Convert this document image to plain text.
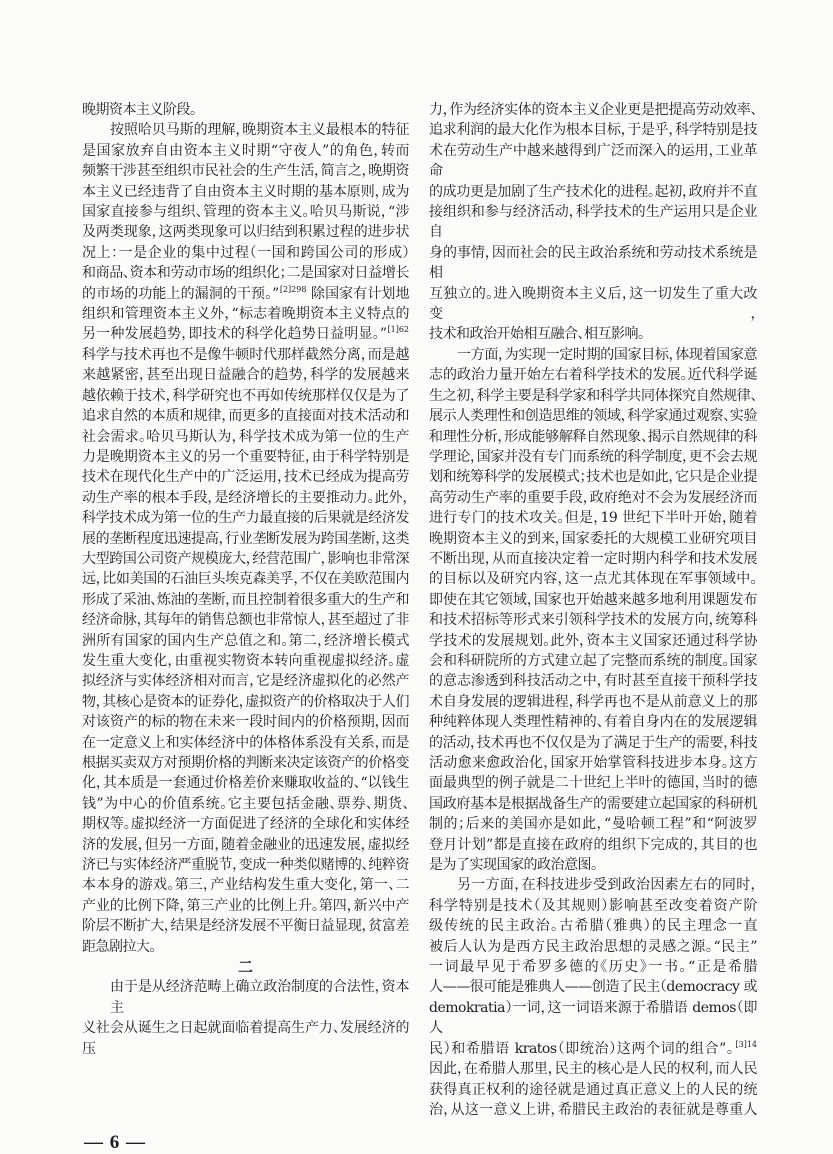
晚期资本主义阶段。
按照哈贝马斯的理解，晚期资本主义最根本的特征
是国家放弃自由资本主义时期“守夜人”的角色，转而
频繁干涉甚至组织市民社会的生产生活，简言之，晚期资
本主义已经违背了自由资本主义时期的基本原则，成为
国家直接参与组织、管理的资本主义。哈贝马斯说，“涉
及两类现象，这两类现象可以归结到积累过程的进步状
况上：一是企业的集中过程（一国和跨国公司的形成）
和商品、资本和劳动市场的组织化；二是国家对日益增长
的市场的功能上的漏洞的干预。”$^{[2]298}$ 除国家有计划地
组织和管理资本主义外，“标志着晚期资本主义特点的
另一种发展趋势，即技术的科学化趋势日益明显。”$^{[1]62}$
科学与技术再也不是像牛顿时代那样截然分离，而是越
来越紧密，甚至出现日益融合的趋势，科学的发展越来
越依赖于技术，科学研究也不再如传统那样仅仅是为了
追求自然的本质和规律，而更多的直接面对技术活动和
社会需求。哈贝马斯认为，科学技术成为第一位的生产
力是晚期资本主义的另一个重要特征，由于科学特别是
技术在现代化生产中的广泛运用，技术已经成为提高劳
动生产率的根本手段，是经济增长的主要推动力。此外，
科学技术成为第一位的生产力最直接的后果就是经济发
展的垄断程度迅速提高，行业垄断发展为跨国垄断，这类
大型跨国公司资产规模庞大，经营范围广，影响也非常深
远，比如美国的石油巨头埃克森美孚，不仅在美欧范围内
形成了采油、炼油的垄断，而且控制着很多重大的生产和
经济命脉，其每年的销售总额也非常惊人，甚至超过了非
洲所有国家的国内生产总值之和。第二，经济增长模式
发生重大变化，由重视实物资本转向重视虚拟经济。虚
拟经济与实体经济相对而言，它是经济虚拟化的必然产
物，其核心是资本的证券化，虚拟资产的价格取决于人们
对该资产的标的物在未来一段时间内的价格预期，因而
在一定意义上和实体经济中的体格体系没有关系，而是
根据买卖双方对预期价格的判断来决定该资产的价格变
化，其本质是一套通过价格差价来赚取收益的、“以钱生
钱”为中心的价值系统。它主要包括金融、票券、期货、
期权等。虚拟经济一方面促进了经济的全球化和实体经
济的发展，但另一方面，随着金融业的迅速发展，虚拟经
济已与实体经济严重脱节，变成一种类似赌博的、纯粹资
本本身的游戏。第三，产业结构发生重大变化，第一、二
产业的比例下降，第三产业的比例上升。第四，新兴中产
阶层不断扩大，结果是经济发展不平衡日益显现，贫富差
距急剧拉大。
二
由于是从经济范畴上确立政治制度的合法性，资本主
义社会从诞生之日起就面临着提高生产力、发展经济的压
力，作为经济实体的资本主义企业更是把提高劳动效率、
追求利润的最大化作为根本目标，于是乎，科学特别是技
术在劳动生产中越来越得到广泛而深入的运用，工业革命
的成功更是加剧了生产技术化的进程。起初，政府并不直
接组织和参与经济活动，科学技术的生产运用只是企业自
身的事情，因而社会的民主政治系统和劳动技术系统是相
互独立的。进入晚期资本主义后，这一切发生了重大改变，
技术和政治开始相互融合、相互影响。
一方面，为实现一定时期的国家目标，体现着国家意
志的政治力量开始左右着科学技术的发展。近代科学诞
生之初，科学主要是科学家和科学共同体探究自然规律、
展示人类理性和创造思维的领域，科学家通过观察、实验
和理性分析，形成能够解释自然现象、揭示自然规律的科
学理论，国家并没有专门而系统的科学制度，更不会去规
划和统筹科学的发展模式；技术也是如此，它只是企业提
高劳动生产率的重要手段，政府绝对不会为发展经济而
进行专门的技术攻关。但是，19 世纪下半叶开始，随着
晚期资本主义的到来，国家委托的大规模工业研究项目
不断出现，从而直接决定着一定时期内科学和技术发展
的目标以及研究内容，这一点尤其体现在军事领域中。
即使在其它领域，国家也开始越来越多地利用课题发布
和技术招标等形式来引领科学技术的发展方向，统筹科
学技术的发展规划。此外，资本主义国家还通过科学协
会和科研院所的方式建立起了完整而系统的制度。国家
的意志渗透到科技活动之中，有时甚至直接干预科学技
术自身发展的逻辑进程，科学再也不是从前意义上的那
种纯粹体现人类理性精神的、有着自身内在的发展逻辑
的活动，技术再也不仅仅是为了满足于生产的需要，科技
活动愈来愈政治化，国家开始掌管科技进步本身。这方
面最典型的例子就是二十世纪上半叶的德国，当时的德
国政府基本是根据战备生产的需要建立起国家的科研机
制的；后来的美国亦是如此，“曼哈顿工程”和“阿波罗
登月计划”都是直接在政府的组织下完成的，其目的也
是为了实现国家的政治意图。
另一方面，在科技进步受到政治因素左右的同时，
科学特别是技术（及其规则）影响甚至改变着资产阶
级传统的民主政治。古希腊（雅典）的民主理念一直
被后人认为是西方民主政治思想的灵感之源。“民主”
一词最早见于希罗多德的《历史》一书。“正是希腊
人——很可能是雅典人——创造了民主（democracy 或
demokratia）一词，这一词语来源于希腊语 demos（即人
民）和希腊语 kratos（即统治）这两个词的组合”。$^{[3]14}$
因此，在希腊人那里，民主的核心是人民的权利，而人民
获得真正权利的途径就是通过真正意义上的人民的统
治，从这一意义上讲，希腊民主政治的表征就是尊重人
— 6 —
